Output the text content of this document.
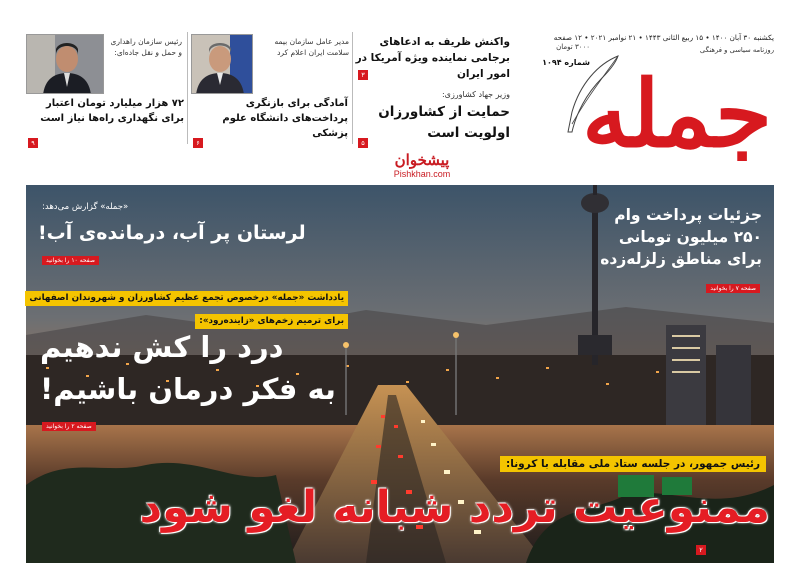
یکشنبه ۳۰ آبان ۱۴۰۰ • ۱۵ ربیع الثانی ۱۴۴۳ • ۲۱ نوامبر ۲۰۲۱ • ۱۲ صفحه
روزنامه سیاسی و فرهنگی
۳۰۰۰ تومان
شماره ۱۰۹۴
جمله
واکنش ظریف به ادعاهای برجامی نماینده ویژه آمریکا در امور ایران
۳
وزیر جهاد کشاورزی:
حمایت از کشاورزان اولویت است
۵
مدیر عامل سازمان بیمه سلامت ایران اعلام کرد
آمادگی برای بازنگری پرداخت‌های دانشگاه علوم پزشکی
۶
رئیس سازمان راهداری و حمل و نقل جاده‌ای:
۷۲ هزار میلیارد تومان اعتبار برای نگهداری راه‌ها نیاز است
۹
پیشخوان
Pishkhan.com
«جمله» گزارش می‌دهد:
لرستان پر آب، درمانده‌ی آب!
صفحه ۱۰ را بخوانید
یادداشت «جمله» درخصوص تجمع عظیم کشاورزان و شهروندان اصفهانی
برای ترمیم زخم‌های «زاینده‌رود»:
درد را کش ندهیم
به فکر درمان باشیم!
صفحه ۲ را بخوانید
جزئیات پرداخت وام ۲۵۰ میلیون تومانی برای مناطق زلزله‌زده
صفحه ۷ را بخوانید
رئیس جمهور، در جلسه ستاد ملی مقابله با کرونا:
ممنوعیت تردد شبانه لغو شود
۲
